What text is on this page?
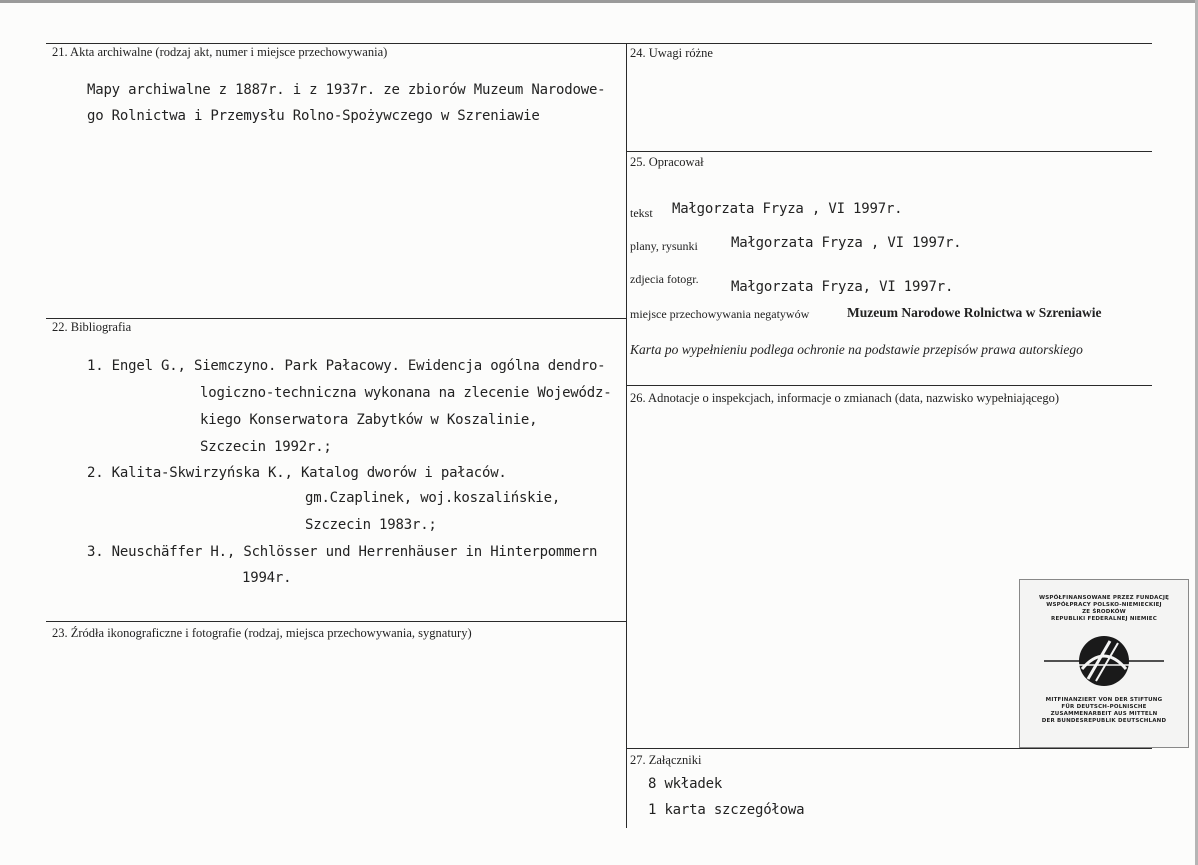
21. Akta archiwalne (rodzaj akt, numer i miejsce przechowywania)
Mapy archiwalne z 1887r. i z 1937r. ze zbiorów Muzeum Narodowe-
go Rolnictwa i Przemysłu Rolno-Spożywczego w Szreniawie
22. Bibliografia
1. Engel G., Siemczyno. Park Pałacowy. Ewidencja ogólna dendro-
logiczno-techniczna wykonana na zlecenie Wojewódz-
kiego Konserwatora Zabytków w Koszalinie,
Szczecin 1992r.;
2. Kalita-Skwirzyńska K., Katalog dworów i pałaców.
gm.Czaplinek, woj.koszalińskie,
Szczecin 1983r.;
3. Neuschäffer H., Schlösser und Herrenhäuser in Hinterpommern
1994r.
23. Źródła ikonograficzne i fotografie (rodzaj, miejsca przechowywania, sygnatury)
24. Uwagi różne
25. Opracował
tekst Małgorzata Fryza , VI 1997r.
plany, rysunki Małgorzata Fryza , VI 1997r.
zdjecia fotogr. Małgorzata Fryza, VI 1997r.
miejsce przechowywania negatywów	Muzeum Narodowe Rolnictwa w Szreniawie
Karta po wypełnieniu podlega ochronie na podstawie przepisów prawa autorskiego
26. Adnotacje o inspekcjach, informacje o zmianach (data, nazwisko wypełniającego)
WSPÓŁFINANSOWANE PRZEZ FUNDACJĘ
WSPÓŁPRACY POLSKO-NIEMIECKIEJ
ZE ŚRODKÓW
REPUBLIKI FEDERALNEJ NIEMIEC
MITFINANZIERT VON DER STIFTUNG
FÜR DEUTSCH-POLNISCHE
ZUSAMMENARBEIT AUS MITTELN
DER BUNDESREPUBLIK DEUTSCHLAND
27. Załączniki
8 wkładek
1 karta szczegółowa
